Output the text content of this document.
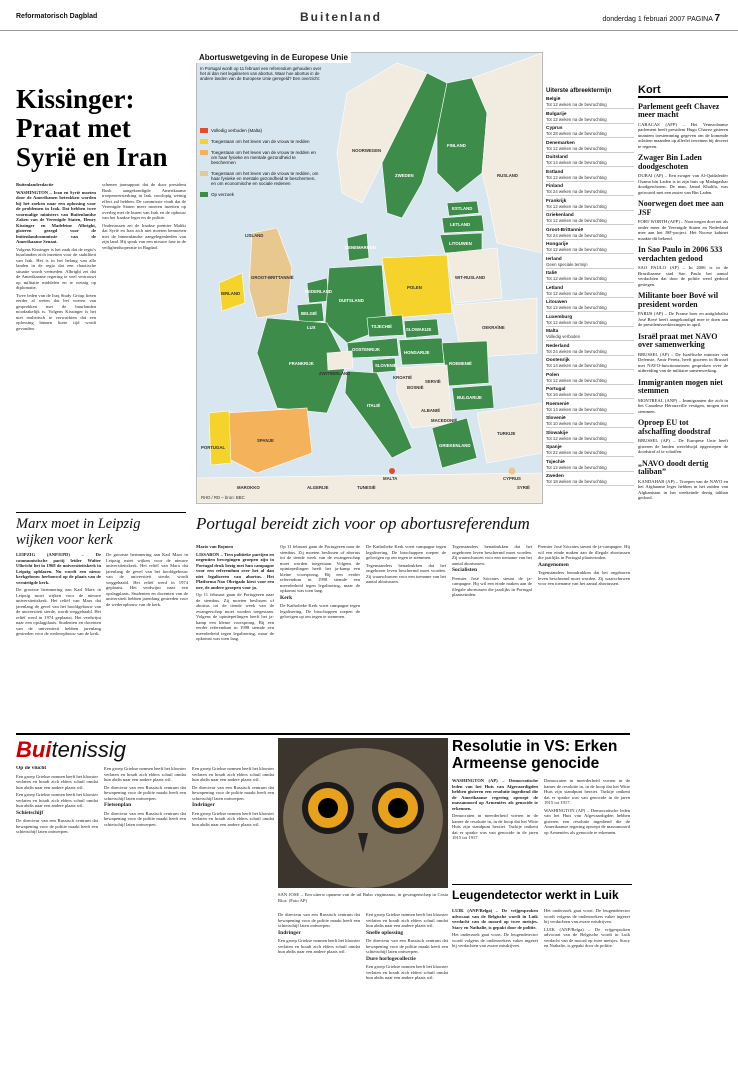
Reformatorisch Dagblad	Buitenland	donderdag 1 februari 2007 PAGINA 7
Kissinger:
Praat met
Syrië en Iran

Buitenlandredactie

WASHINGTON – Iran en Syrië moeten door de Amerikanen betrokken worden bij het zoeken naar een oplossing voor de problemen in Irak. Dat hebben twee voormalige ministers van Buitenlandse Zaken van de Verenigde Staten, Henry Kissinger en Madeleine Albright, gisteren gezegd voor de buitenlandcommissie van de Amerikaanse Senaat.

Volgens Kissinger is het zaak dat de regio's buurlanden zich inzetten voor de stabiliteit van Irak. Het is in het belang van alle landen in de regio dat een chaotische situatie wordt vermeden. Albright zei dat de Amerikaanse regering te veel vertrouwt op militaire middelen en te weinig op diplomatie.

Twee leden van de Iraq Study Group lieten eerder al weten dat het voeren van gesprekken met de buurlanden noodzakelijk is. Volgens Kissinger is het niet realistisch te verwachten dat een oplossing binnen korte tijd wordt gevonden.

schenen jaarrapport dat de door president Bush aangekondigde Amerikaanse troepenversterking in Irak voorlopig weinig effect zal hebben. De commissie vindt dat de Verenigde Staten meer moeten inzetten op overleg met de buren van Irak en de opbouw van het Iraakse leger en de politie.

Ondertussen zei de Iraakse premier Maliki dat Syrië en Iran zich niet moeten bemoeien met de binnenlandse aangelegenheden van zijn land. Hij sprak van een nieuwe fase in de veiligheidsoperatie in Bagdad.

IJSLAND
NOORWEGEN
ZWEDEN
FINLAND
RUSLAND
ESTLAND
LETLAND
LITOUWEN
IERLAND
GROOT-BRITTANNIË
DENEMARKEN
NEDERLAND
BELGIË
LUX
DUITSLAND
POLEN
WIT-RUSLAND
OEKRAÏNE
TSJECHIË
SLOWAKIJE
OOSTENRIJK
HONGARIJE
SLOVENIË	ROEMENIË
BULGARIJE
KROATIË
BOSNIË
SERVIË
ALBANIË
MACEDONIË
FRANKRIJK
ZWITSERLAND
ITALIË
SPANJE
PORTUGAL	GRIEKENLAND
TURKIJE
MALTA	CYPRUS
MAROKKO	ALGERIJE	TUNESIË	SYRIË
RHD / RD – bron: BBC
Abortuswetgeving in de Europese Unie
In Portugal wordt op 11 februari een referendum gehouden over het al dan niet legaliseren van abortus. Waar hoe abortus in de andere landen van de Europese Unie geregeld? Een overzicht:
Volledig verboden (Malta)
Toegestaan om het leven van de vrouw te redden
Toegestaan om het leven van de vrouw te redden en om haar fysieke en mentale gezondheid te beschermen
Toegestaan om het leven van de vrouw te redden, om haar fysieke en mentale gezondheid te beschermen, en om economische en sociale redenen
Op verzoek
Uiterste afbreektermijn
België
Tot 12 weken na de bevruchting
Bulgarije
Tot 12 weken na de bevruchting
Cyprus
Tot 28 weken na de bevruchting
Denemarken
Tot 12 weken na de bevruchting
Duitsland
Tot 14 weken na de bevruchting
Estland
Tot 12 weken na de bevruchting
Finland
Tot 24 weken na de bevruchting
Frankrijk
Tot 12 weken na de bevruchting
Griekenland
Tot 12 weken na de bevruchting
Groot-Brittannië
Tot 24 weken na de bevruchting
Hongarije
Tot 12 weken na de bevruchting
Ierland
Geen speciale termijn
Italië
Tot 12 weken na de bevruchting
Letland
Tot 12 weken na de bevruchting
Litouwen
Tot 12 weken na de bevruchting
Luxemburg
Tot 12 weken na de bevruchting
Malta
Volledig verboden
Nederland
Tot 24 weken na de bevruchting
Oostenrijk
Tot 14 weken na de bevruchting
Polen
Tot 12 weken na de bevruchting
Portugal
Tot 16 weken na de bevruchting
Roemenië
Tot 14 weken na de bevruchting
Slovenië
Tot 10 weken na de bevruchting
Slowakije
Tot 12 weken na de bevruchting
Spanje
Tot 22 weken na de bevruchting
Tsjechië
Tot 12 weken na de bevruchting
Zweden
Tot 18 weken na de bevruchting
Kort
Parlement geeft Chavez meer macht
CARACAS (AFP) – Het Venezolaanse parlement heeft president Hugo Chavez gisteren unaniem toestemming gegeven om de komende achttien maanden op allerlei terreinen bij decreet te regeren.
Zwager Bin Laden doodgeschoten
DUBAI (AP) – Een zwager van Al-Qaidaleider Osama bin Laden is in zijn huis op Madagaskar doodgeschoten. De man, Jamal Khalifa, was getrouwd met een zuster van Bin Laden.
Noorwegen doet mee aan JSF
FORT WORTH (AFP) – Noorwegen doet net als onder meer de Verenigde Staten en Nederland mee aan het JSF-project. Het Noorse kabinet maakte dit bekend.
In Sao Paulo in 2006 533 verdachten gedood
SAO PAULO (AP) – In 2006 is in de Braziliaanse stad Sao Paulo het aantal verdachten dat door de politie werd gedood gestegen.
Militante boer Bové wil president worden
PARIJS (AP) – De Franse boer en antiglobalist José Bové heeft aangekondigd mee te doen aan de presidentsverkiezingen in april.
Israël praat met NAVO over samenwerking
BRUSSEL (AP) – De Israëlische minister van Defensie, Amir Peretz, heeft gisteren in Brussel met NAVO-functionarissen gesproken over de uitbreiding van de militaire samenwerking.
Immigranten mogen niet stemmen
MONTREAL (ANP) – Immigranten die zich in het Canadese Hérouxville vestigen, mogen niet stemmen.
Oproep EU tot afschaffing doodstraf
BRUSSEL (AP) – De Europese Unie heeft gisteren de landen wereldwijd opgeroepen de doodstraf af te schaffen.
„NAVO doodt dertig taliban”
KANDAHAR (AP) – Troepen van de NAVO en het Afghaanse leger hebben in het zuiden van Afghanistan in het weekeinde dertig taliban gedood.
Marx moet in Leipzig
wijken voor kerk

LEIPZIG (ANP/EPD) – De communistische partij leider Walter Ulbricht liet in 1968 de universiteitskerk in Leipzig opblazen. Nu wordt een nieuw kerkgebouw herbouwd op de plaats van de vernietigde kerk.

De grootste herinnering aan Karl Marx in Leipzig moet wijken voor de nieuwe universiteitskerk. Het reliëf van Marx dat jarenlang de gevel van het hoofdgebouw van de universiteit sierde, wordt weggehaald. Het reliëf werd in 1974 geplaatst. Het verdwijnt naar een opslagplaats. Studenten en docenten van de universiteit hebben jarenlang gestreden voor de wederopbouw van de kerk.

De grootste herinnering aan Karl Marx in Leipzig moet wijken voor de nieuwe universiteitskerk. Het reliëf van Marx dat jarenlang de gevel van het hoofdgebouw van de universiteit sierde, wordt weggehaald. Het reliëf werd in 1974 geplaatst. Het verdwijnt naar een opslagplaats. Studenten en docenten van de universiteit hebben jarenlang gestreden voor de wederopbouw van de kerk.

Portugal bereidt zich voor op abortusreferendum

Mario van Bojmen

LISSABON – Tien politieke partijen en negentien bewegingen groepen zijn in Portugal druk bezig met hun campagne voor een referendum over het al dan niet legaliseren van abortus. Het Platforma Nao Obrigado kiest voor een nee, de andere groepen voor ja.

Op 11 februari gaan de Portugezen naar de stembus. Zij moeten beslissen of abortus tot de tiende week van de zwangerschap moet worden toegestaan. Volgens de opiniepeilingen heeft het ja-kamp een kleine voorsprong. Bij een eerder referendum in 1998 stemde een meerderheid tegen legalisering, maar de opkomst was toen laag.

Op 11 februari gaan de Portugezen naar de stembus. Zij moeten beslissen of abortus tot de tiende week van de zwangerschap moet worden toegestaan. Volgens de opiniepeilingen heeft het ja-kamp een kleine voorsprong. Bij een eerder referendum in 1998 stemde een meerderheid tegen legalisering, maar de opkomst was toen laag.

Kerk

De Katholieke Kerk voert campagne tegen legalisering. De bisschoppen roepen de gelovigen op om tegen te stemmen.

De Katholieke Kerk voert campagne tegen legalisering. De bisschoppen roepen de gelovigen op om tegen te stemmen.

Tegenstanders benadrukken dat het ongeboren leven beschermd moet worden. Zij waarschuwen voor een toename van het aantal abortussen.

Tegenstanders benadrukken dat het ongeboren leven beschermd moet worden. Zij waarschuwen voor een toename van het aantal abortussen.

Socialisten

Premier José Sócrates steunt de ja-campagne. Hij wil een einde maken aan de illegale abortussen die jaarlijks in Portugal plaatsvinden.

Premier José Sócrates steunt de ja-campagne. Hij wil een einde maken aan de illegale abortussen die jaarlijks in Portugal plaatsvinden.

Aangenomen

Tegenstanders benadrukken dat het ongeboren leven beschermd moet worden. Zij waarschuwen voor een toename van het aantal abortussen.

Buitenissig

Op de vlucht

Een groep Griekse nonnen heeft het klooster verlaten en houdt zich elders schuil omdat hun abdis naar een andere plaats wil.

Een groep Griekse nonnen heeft het klooster verlaten en houdt zich elders schuil omdat hun abdis naar een andere plaats wil.

Schietschijf

De directeur van een Russisch centrum dat bewapening voor de politie maakt heeft een schietschijf laten ontwerpen.

Een groep Griekse nonnen heeft het klooster verlaten en houdt zich elders schuil omdat hun abdis naar een andere plaats wil.

De directeur van een Russisch centrum dat bewapening voor de politie maakt heeft een schietschijf laten ontwerpen.

Fietsenplan

De directeur van een Russisch centrum dat bewapening voor de politie maakt heeft een schietschijf laten ontwerpen.

Een groep Griekse nonnen heeft het klooster verlaten en houdt zich elders schuil omdat hun abdis naar een andere plaats wil.

De directeur van een Russisch centrum dat bewapening voor de politie maakt heeft een schietschijf laten ontwerpen.

Indringer

Een groep Griekse nonnen heeft het klooster verlaten en houdt zich elders schuil omdat hun abdis naar een andere plaats wil.

SAN JOSE – Een uiterst opname van de uil Bubo virginianus, in gevangenschap in Costa Rica. (Foto AP)

De directeur van een Russisch centrum dat bewapening voor de politie maakt heeft een schietschijf laten ontwerpen.

Indringer

Een groep Griekse nonnen heeft het klooster verlaten en houdt zich elders schuil omdat hun abdis naar een andere plaats wil.

Een groep Griekse nonnen heeft het klooster verlaten en houdt zich elders schuil omdat hun abdis naar een andere plaats wil.

Snelle oplossing

De directeur van een Russisch centrum dat bewapening voor de politie maakt heeft een schietschijf laten ontwerpen.

Dure horlogecollectie

Een groep Griekse nonnen heeft het klooster verlaten en houdt zich elders schuil omdat hun abdis naar een andere plaats wil.

Resolutie in VS: Erken
Armeense genocide

WASHINGTON (AP) – Democratische leden van het Huis van Afgevaardigden hebben gisteren een resolutie ingediend die de Amerikaanse regering oproept de massamoord op Armeniërs als genocide te erkennen.

Democraten in meerderheid voeren in de kamer de resolutie in, in de hoop dat het Witte Huis zijn standpunt herziet. Turkije ontkent dat er sprake was van genocide in de jaren 1915 tot 1917.

Democraten in meerderheid voeren in de kamer de resolutie in, in de hoop dat het Witte Huis zijn standpunt herziet. Turkije ontkent dat er sprake was van genocide in de jaren 1915 tot 1917.

WASHINGTON (AP) – Democratische leden van het Huis van Afgevaardigden hebben gisteren een resolutie ingediend die de Amerikaanse regering oproept de massamoord op Armeniërs als genocide te erkennen.

Leugendetector werkt in Luik

LUIK (ANP/Belga) – De vrijgesproken advocaat van de Belgische wordt in Luik verdacht van de moord op twee meisjes. Stacy en Nathalie, is gepakt door de politie.

Het onderzoek gaat voort. De leugendetector wordt volgens de onderzoekers vaker ingezet bij verdachten van zware misdrijven.

Het onderzoek gaat voort. De leugendetector wordt volgens de onderzoekers vaker ingezet bij verdachten van zware misdrijven.

LUIK (ANP/Belga) – De vrijgesproken advocaat van de Belgische wordt in Luik verdacht van de moord op twee meisjes. Stacy en Nathalie, is gepakt door de politie.
